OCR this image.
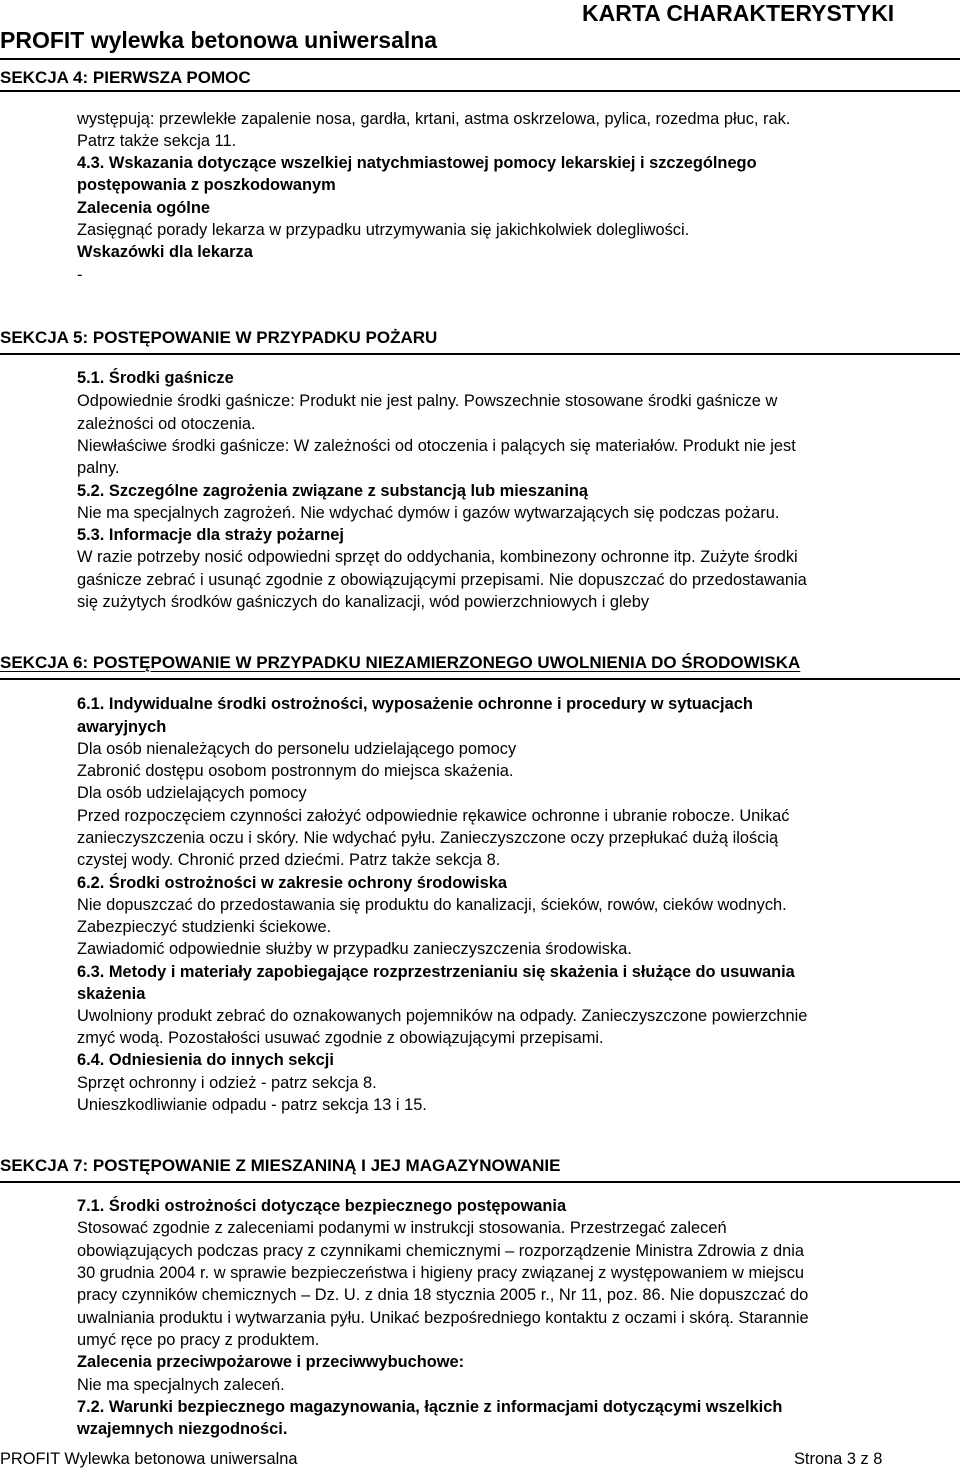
KARTA CHARAKTERYSTYKI
PROFIT wylewka betonowa uniwersalna
SEKCJA 4: PIERWSZA POMOC
występują: przewlekłe zapalenie nosa, gardła, krtani, astma oskrzelowa, pylica, rozedma płuc, rak.
Patrz także sekcja 11.
4.3. Wskazania dotyczące wszelkiej natychmiastowej pomocy lekarskiej i szczególnego
postępowania z poszkodowanym
Zalecenia ogólne
Zasięgnąć porady lekarza w przypadku utrzymywania się jakichkolwiek dolegliwości.
Wskazówki dla lekarza
-
SEKCJA 5: POSTĘPOWANIE W PRZYPADKU POŻARU
5.1. Środki gaśnicze
Odpowiednie środki gaśnicze: Produkt nie jest palny. Powszechnie stosowane środki gaśnicze w
zależności od otoczenia.
Niewłaściwe środki gaśnicze: W zależności od otoczenia i palących się materiałów. Produkt nie jest
palny.
5.2. Szczególne zagrożenia związane z substancją lub mieszaniną
Nie ma specjalnych zagrożeń. Nie wdychać dymów i gazów wytwarzających się podczas pożaru.
5.3. Informacje dla straży pożarnej
W razie potrzeby nosić odpowiedni sprzęt do oddychania, kombinezony ochronne itp. Zużyte środki
gaśnicze zebrać i usunąć zgodnie z obowiązującymi przepisami. Nie dopuszczać do przedostawania
się zużytych środków gaśniczych do kanalizacji, wód powierzchniowych i gleby
SEKCJA 6: POSTĘPOWANIE W PRZYPADKU NIEZAMIERZONEGO UWOLNIENIA DO ŚRODOWISKA
6.1. Indywidualne środki ostrożności, wyposażenie ochronne i procedury w sytuacjach
awaryjnych
Dla osób nienależących do personelu udzielającego pomocy
Zabronić dostępu osobom postronnym do miejsca skażenia.
Dla osób udzielających pomocy
Przed rozpoczęciem czynności założyć odpowiednie rękawice ochronne i ubranie robocze. Unikać
zanieczyszczenia oczu i skóry. Nie wdychać pyłu. Zanieczyszczone oczy przepłukać dużą ilością
czystej wody. Chronić przed dziećmi. Patrz także sekcja 8.
6.2. Środki ostrożności w zakresie ochrony środowiska
Nie dopuszczać do przedostawania się produktu do kanalizacji, ścieków, rowów, cieków wodnych.
Zabezpieczyć studzienki ściekowe.
Zawiadomić odpowiednie służby w przypadku zanieczyszczenia środowiska.
6.3. Metody i materiały zapobiegające rozprzestrzenianiu się skażenia i służące do usuwania
skażenia
Uwolniony produkt zebrać do oznakowanych pojemników na odpady. Zanieczyszczone powierzchnie
zmyć wodą. Pozostałości usuwać zgodnie z obowiązującymi przepisami.
6.4. Odniesienia do innych sekcji
Sprzęt ochronny i odzież - patrz sekcja 8.
Unieszkodliwianie odpadu - patrz sekcja 13 i 15.
SEKCJA 7: POSTĘPOWANIE Z MIESZANINĄ I JEJ MAGAZYNOWANIE
7.1. Środki ostrożności dotyczące bezpiecznego postępowania
Stosować zgodnie z zaleceniami podanymi w instrukcji stosowania. Przestrzegać zaleceń
obowiązujących podczas pracy z czynnikami chemicznymi – rozporządzenie Ministra Zdrowia z dnia
30 grudnia 2004 r. w sprawie bezpieczeństwa i higieny pracy związanej z występowaniem w miejscu
pracy czynników chemicznych – Dz. U. z dnia 18 stycznia 2005 r., Nr 11, poz. 86. Nie dopuszczać do
uwalniania produktu i wytwarzania pyłu. Unikać bezpośredniego kontaktu z oczami i skórą. Starannie
umyć ręce po pracy z produktem.
Zalecenia przeciwpożarowe i przeciwwybuchowe:
Nie ma specjalnych zaleceń.
7.2. Warunki bezpiecznego magazynowania, łącznie z informacjami dotyczącymi wszelkich
wzajemnych niezgodności.
PROFIT Wylewka betonowa uniwersalna	Strona 3 z 8
